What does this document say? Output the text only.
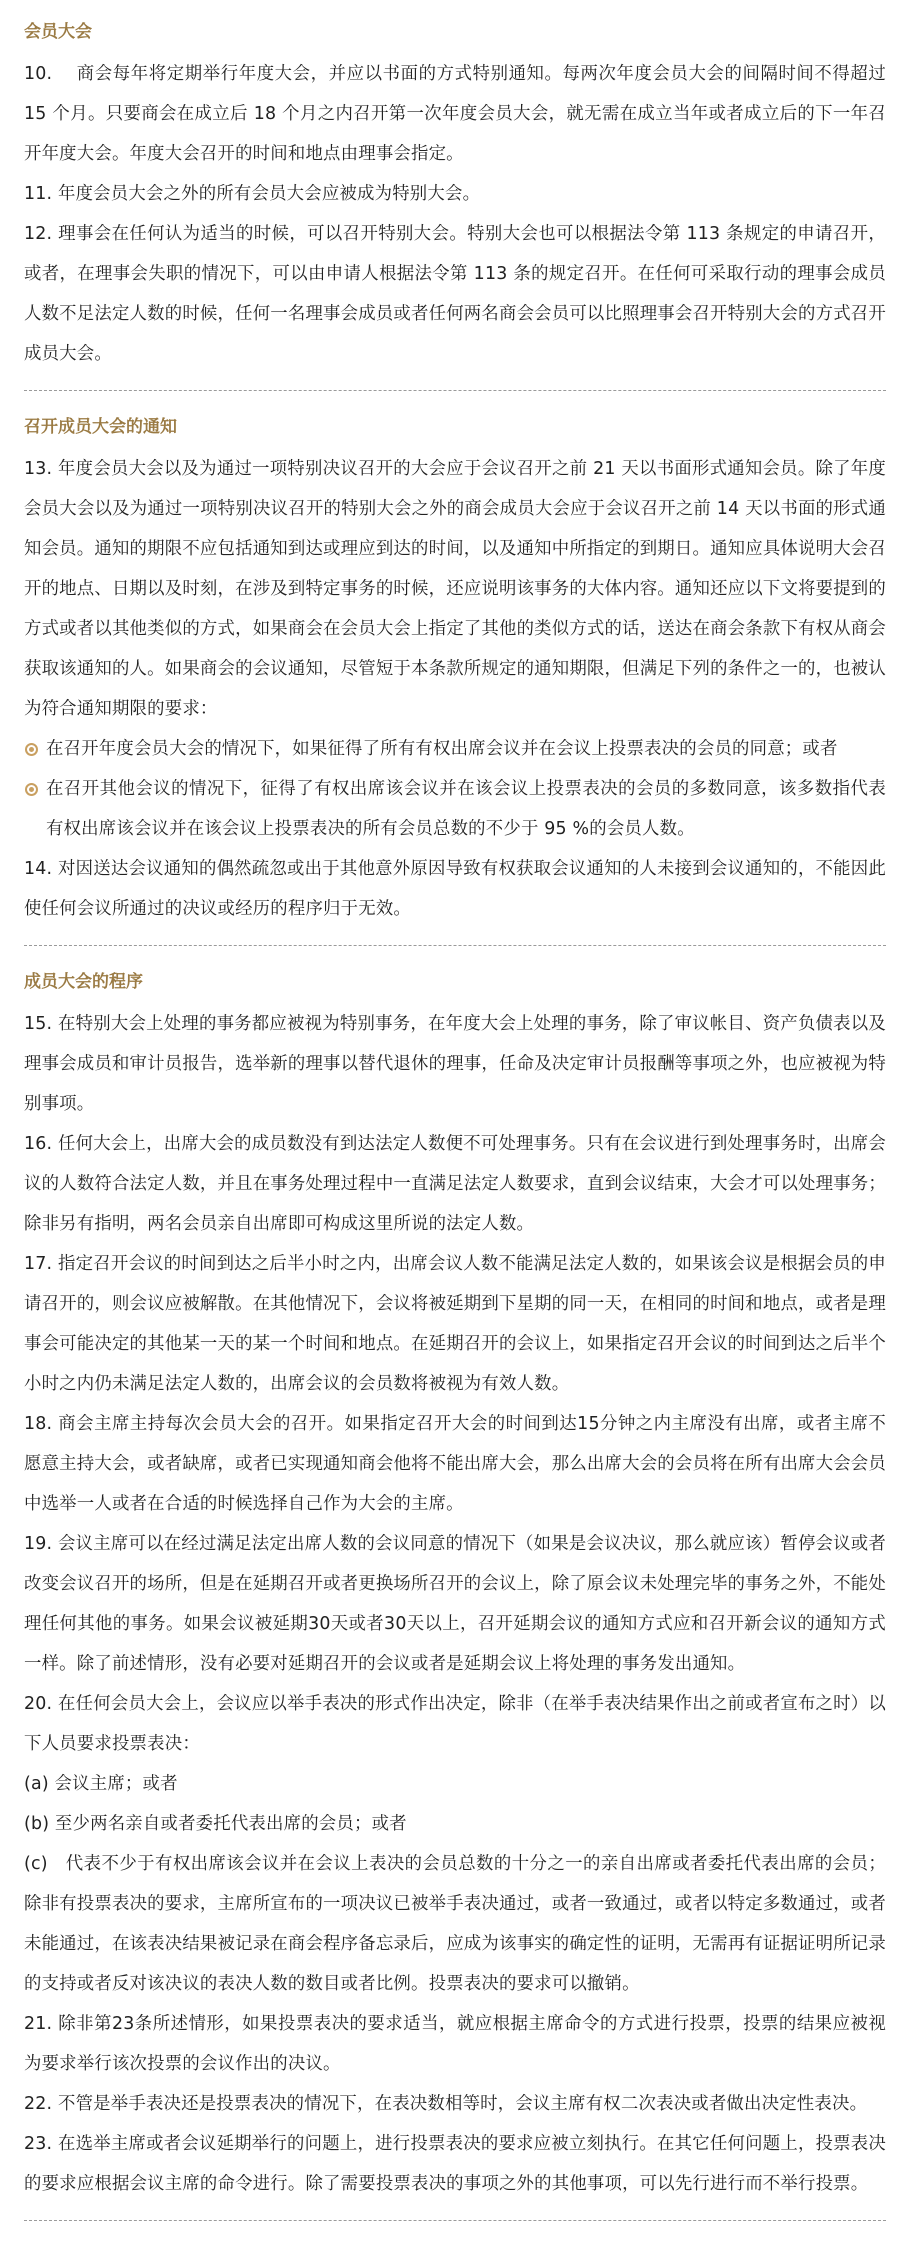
会员大会

10.　 商会每年将定期举行年度大会，并应以书面的方式特别通知。每两次年度会员大会的间隔时间不得超过 15 个月。只要商会在成立后 18 个月之内召开第一次年度会员大会，就无需在成立当年或者成立后的下一年召开年度大会。年度大会召开的时间和地点由理事会指定。

11. 年度会员大会之外的所有会员大会应被成为特别大会。

12. 理事会在任何认为适当的时候，可以召开特别大会。特别大会也可以根据法令第 113 条规定的申请召开，或者，在理事会失职的情况下，可以由申请人根据法令第 113 条的规定召开。在任何可采取行动的理事会成员人数不足法定人数的时候，任何一名理事会成员或者任何两名商会会员可以比照理事会召开特别大会的方式召开成员大会。

召开成员大会的通知

13. 年度会员大会以及为通过一项特别决议召开的大会应于会议召开之前 21 天以书面形式通知会员。除了年度会员大会以及为通过一项特别决议召开的特别大会之外的商会成员大会应于会议召开之前 14 天以书面的形式通知会员。通知的期限不应包括通知到达或理应到达的时间，以及通知中所指定的到期日。通知应具体说明大会召开的地点、日期以及时刻，在涉及到特定事务的时候，还应说明该事务的大体内容。通知还应以下文将要提到的方式或者以其他类似的方式，如果商会在会员大会上指定了其他的类似方式的话，送达在商会条款下有权从商会获取该通知的人。如果商会的会议通知，尽管短于本条款所规定的通知期限，但满足下列的条件之一的，也被认为符合通知期限的要求：

在召开年度会员大会的情况下，如果征得了所有有权出席会议并在会议上投票表决的会员的同意；或者

在召开其他会议的情况下，征得了有权出席该会议并在该会议上投票表决的会员的多数同意，该多数指代表有权出席该会议并在该会议上投票表决的所有会员总数的不少于 95 %的会员人数。

14. 对因送达会议通知的偶然疏忽或出于其他意外原因导致有权获取会议通知的人未接到会议通知的，不能因此使任何会议所通过的决议或经历的程序归于无效。

成员大会的程序

15. 在特别大会上处理的事务都应被视为特别事务，在年度大会上处理的事务，除了审议帐目、资产负债表以及理事会成员和审计员报告，选举新的理事以替代退休的理事，任命及决定审计员报酬等事项之外，也应被视为特别事项。

16. 任何大会上，出席大会的成员数没有到达法定人数便不可处理事务。只有在会议进行到处理事务时，出席会议的人数符合法定人数，并且在事务处理过程中一直满足法定人数要求，直到会议结束，大会才可以处理事务；除非另有指明，两名会员亲自出席即可构成这里所说的法定人数。

17. 指定召开会议的时间到达之后半小时之内，出席会议人数不能满足法定人数的，如果该会议是根据会员的申请召开的，则会议应被解散。在其他情况下，会议将被延期到下星期的同一天，在相同的时间和地点，或者是理事会可能决定的其他某一天的某一个时间和地点。在延期召开的会议上，如果指定召开会议的时间到达之后半个小时之内仍未满足法定人数的，出席会议的会员数将被视为有效人数。

18. 商会主席主持每次会员大会的召开。如果指定召开大会的时间到达15分钟之内主席没有出席，或者主席不愿意主持大会，或者缺席，或者已实现通知商会他将不能出席大会，那么出席大会的会员将在所有出席大会会员中选举一人或者在合适的时候选择自己作为大会的主席。

19. 会议主席可以在经过满足法定出席人数的会议同意的情况下（如果是会议决议，那么就应该）暂停会议或者改变会议召开的场所，但是在延期召开或者更换场所召开的会议上，除了原会议未处理完毕的事务之外，不能处理任何其他的事务。如果会议被延期30天或者30天以上，召开延期会议的通知方式应和召开新会议的通知方式一样。除了前述情形，没有必要对延期召开的会议或者是延期会议上将处理的事务发出通知。

20. 在任何会员大会上，会议应以举手表决的形式作出决定，除非（在举手表决结果作出之前或者宣布之时）以下人员要求投票表决：

(a) 会议主席；或者

(b) 至少两名亲自或者委托代表出席的会员；或者

(c)　代表不少于有权出席该会议并在会议上表决的会员总数的十分之一的亲自出席或者委托代表出席的会员；除非有投票表决的要求，主席所宣布的一项决议已被举手表决通过，或者一致通过，或者以特定多数通过，或者未能通过，在该表决结果被记录在商会程序备忘录后，应成为该事实的确定性的证明，无需再有证据证明所记录的支持或者反对该决议的表决人数的数目或者比例。投票表决的要求可以撤销。

21. 除非第23条所述情形，如果投票表决的要求适当，就应根据主席命令的方式进行投票，投票的结果应被视为要求举行该次投票的会议作出的决议。

22. 不管是举手表决还是投票表决的情况下，在表决数相等时，会议主席有权二次表决或者做出决定性表决。

23. 在选举主席或者会议延期举行的问题上，进行投票表决的要求应被立刻执行。在其它任何问题上，投票表决的要求应根据会议主席的命令进行。除了需要投票表决的事项之外的其他事项，可以先行进行而不举行投票。
